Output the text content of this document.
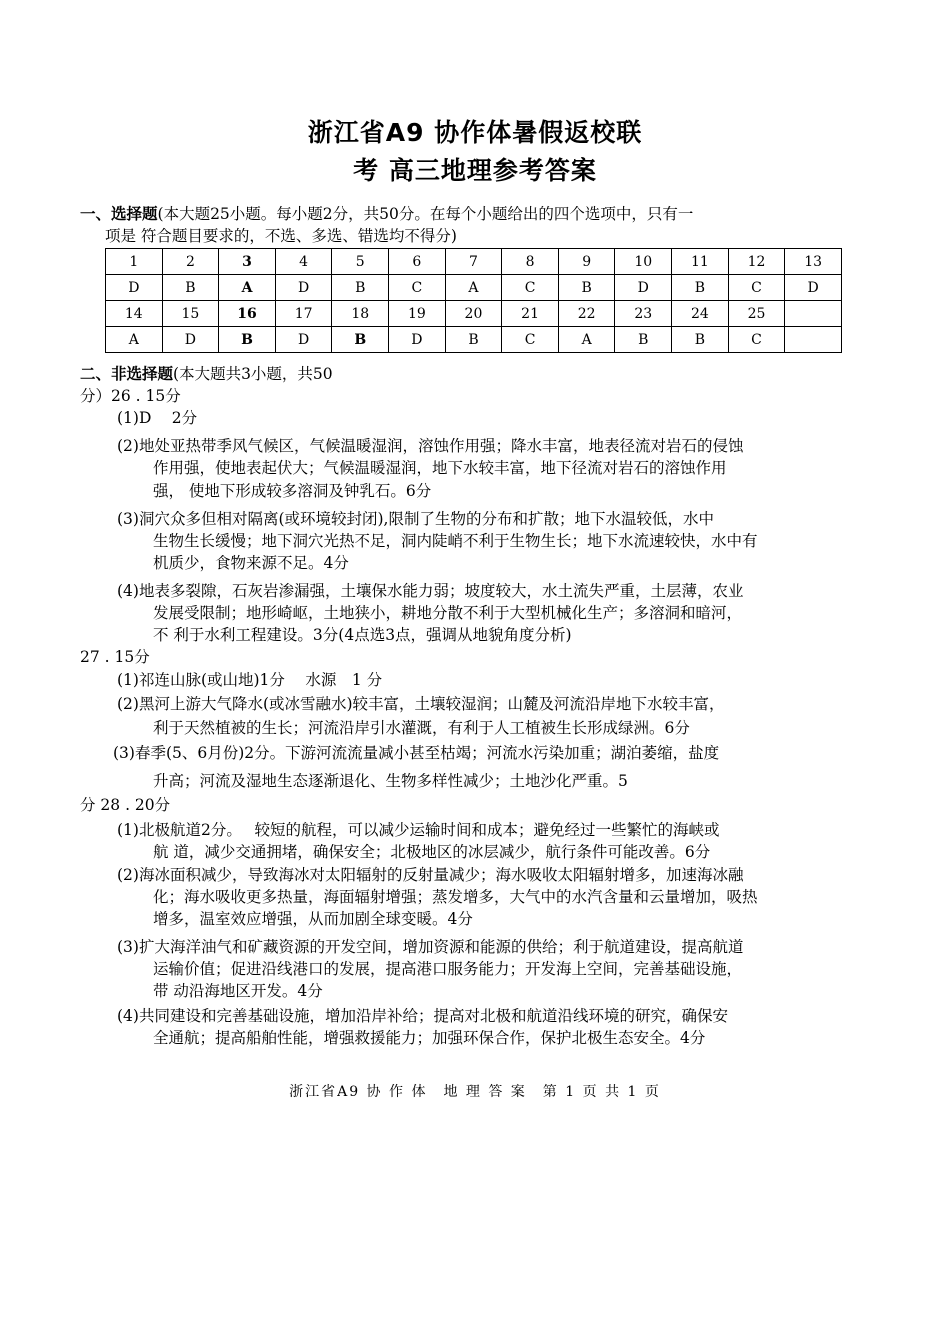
浙江省A9 协作体暑假返校联
考 高三地理参考答案
一、选择题(本大题25小题。每小题2分，共50分。在每个小题给出的四个选项中，只有一
项是 符合题目要求的，不选、多选、错选均不得分)
1	2	3	4	5	6	7	8	9	10	11	12	13
D	B	A	D	B	C	A	C	B	D	B	C	D
14	15	16	17	18	19	20	21	22	23	24	25	
A	D	B	D	B	D	B	C	A	B	B	C	
二、非选择题(本大题共3小题，共50
分）26 . 15分
(1)D　 2分
(2)地处亚热带季风气候区，气候温暖湿润，溶蚀作用强；降水丰富，地表径流对岩石的侵蚀
作用强，使地表起伏大；气候温暖湿润，地下水较丰富，地下径流对岩石的溶蚀作用
强， 使地下形成较多溶洞及钟乳石。6分
(3)洞穴众多但相对隔离(或环境较封闭),限制了生物的分布和扩散；地下水温较低，水中
生物生长缓慢；地下洞穴光热不足，洞内陡峭不利于生物生长；地下水流速较快，水中有
机质少，食物来源不足。4分
(4)地表多裂隙，石灰岩渗漏强，土壤保水能力弱；坡度较大，水土流失严重，土层薄，农业
发展受限制；地形崎岖，土地狭小，耕地分散不利于大型机械化生产；多溶洞和暗河，
不 利于水利工程建设。3分(4点选3点，强调从地貌角度分析)
27 . 15分
(1)祁连山脉(或山地)1分　 水源　1 分
(2)黑河上游大气降水(或冰雪融水)较丰富，土壤较湿润；山麓及河流沿岸地下水较丰富，
利于天然植被的生长；河流沿岸引水灌溉，有利于人工植被生长形成绿洲。6分
(3)春季(5、6月份)2分。下游河流流量减小甚至枯竭；河流水污染加重；湖泊萎缩，盐度
升高；河流及湿地生态逐渐退化、生物多样性减少；土地沙化严重。5
分 28 . 20分
(1)北极航道2分。　 较短的航程，可以减少运输时间和成本；避免经过一些繁忙的海峡或
航 道，减少交通拥堵，确保安全；北极地区的冰层减少，航行条件可能改善。6分
(2)海冰面积减少，导致海冰对太阳辐射的反射量减少；海水吸收太阳辐射增多，加速海冰融
化；海水吸收更多热量，海面辐射增强；蒸发增多，大气中的水汽含量和云量增加，吸热
增多，温室效应增强，从而加剧全球变暖。4分
(3)扩大海洋油气和矿藏资源的开发空间，增加资源和能源的供给；利于航道建设，提高航道
运输价值；促进沿线港口的发展，提高港口服务能力；开发海上空间，完善基础设施，
带 动沿海地区开发。4分
(4)共同建设和完善基础设施，增加沿岸补给；提高对北极和航道沿线环境的研究，确保安
全通航；提高船舶性能，增强救援能力；加强环保合作，保护北极生态安全。4分
浙江省A9 协 作 体　地 理 答 案　第 1 页 共 1 页
